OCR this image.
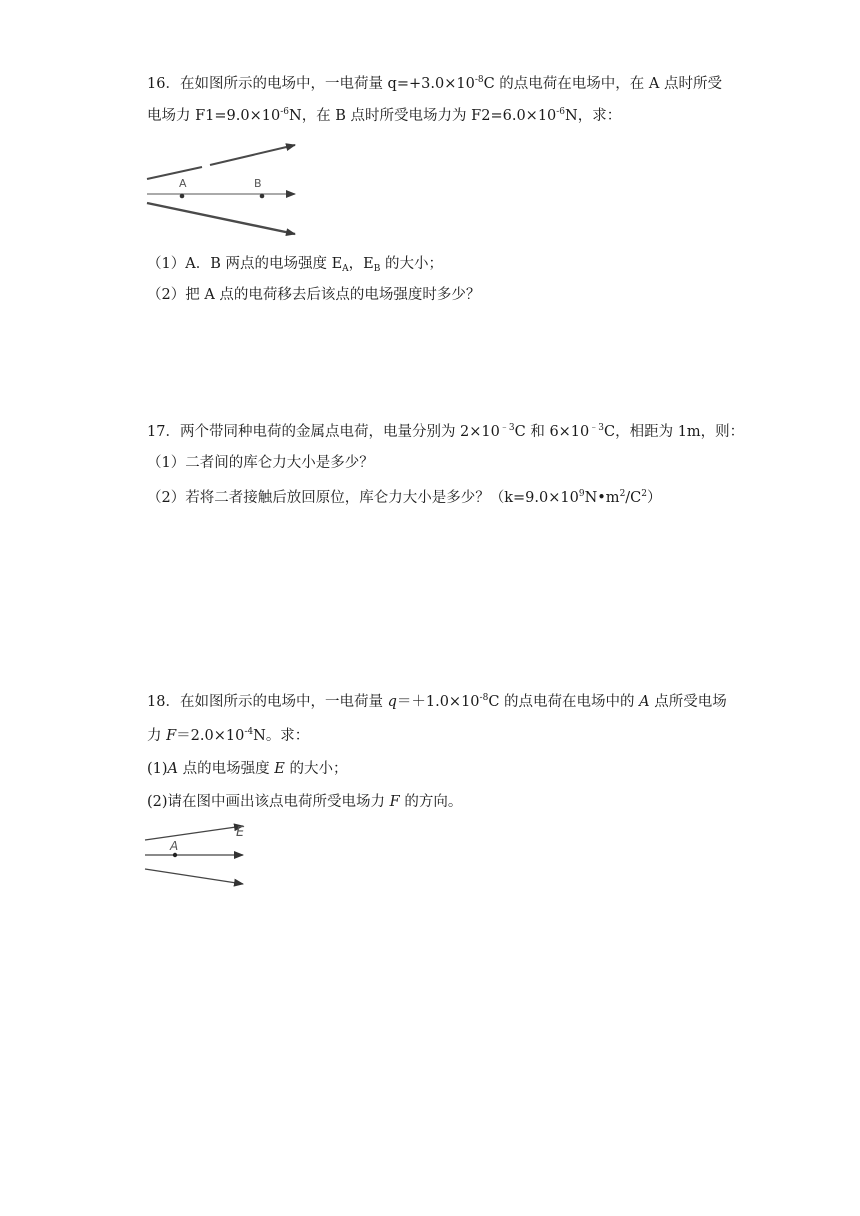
16．在如图所示的电场中，一电荷量 $q=+3.0\times 10^{-8}C$ 的点电荷在电场中，在 A 点时所受
电场力 $F1=9.0\times 10^{-6}N$，在 B 点时所受电场力为 $F2=6.0\times 10^{-6}N$，求：
A	B
（1）A．B 两点的电场强度 $E_A$，$E_B$ 的大小；
（2）把 A 点的电荷移去后该点的电场强度时多少？
17．两个带同种电荷的金属点电荷，电量分别为 $2\times 10^{﹣3}C$ 和 $6\times 10^{﹣3}C$，相距为 1m，则：
（1）二者间的库仑力大小是多少？
（2）若将二者接触后放回原位，库仑力大小是多少？$(k=9.0\times 10^9N•m^2/C^2)$
18．在如图所示的电场中，一电荷量 $q=+1.0\times 10^{-8}C$ 的点电荷在电场中的 A 点所受电场
力 $F=2.0\times 10^{-4}N$。求：
(1)A 点的电场强度 E 的大小；
(2)请在图中画出该点电荷所受电场力 F 的方向。
A
E
